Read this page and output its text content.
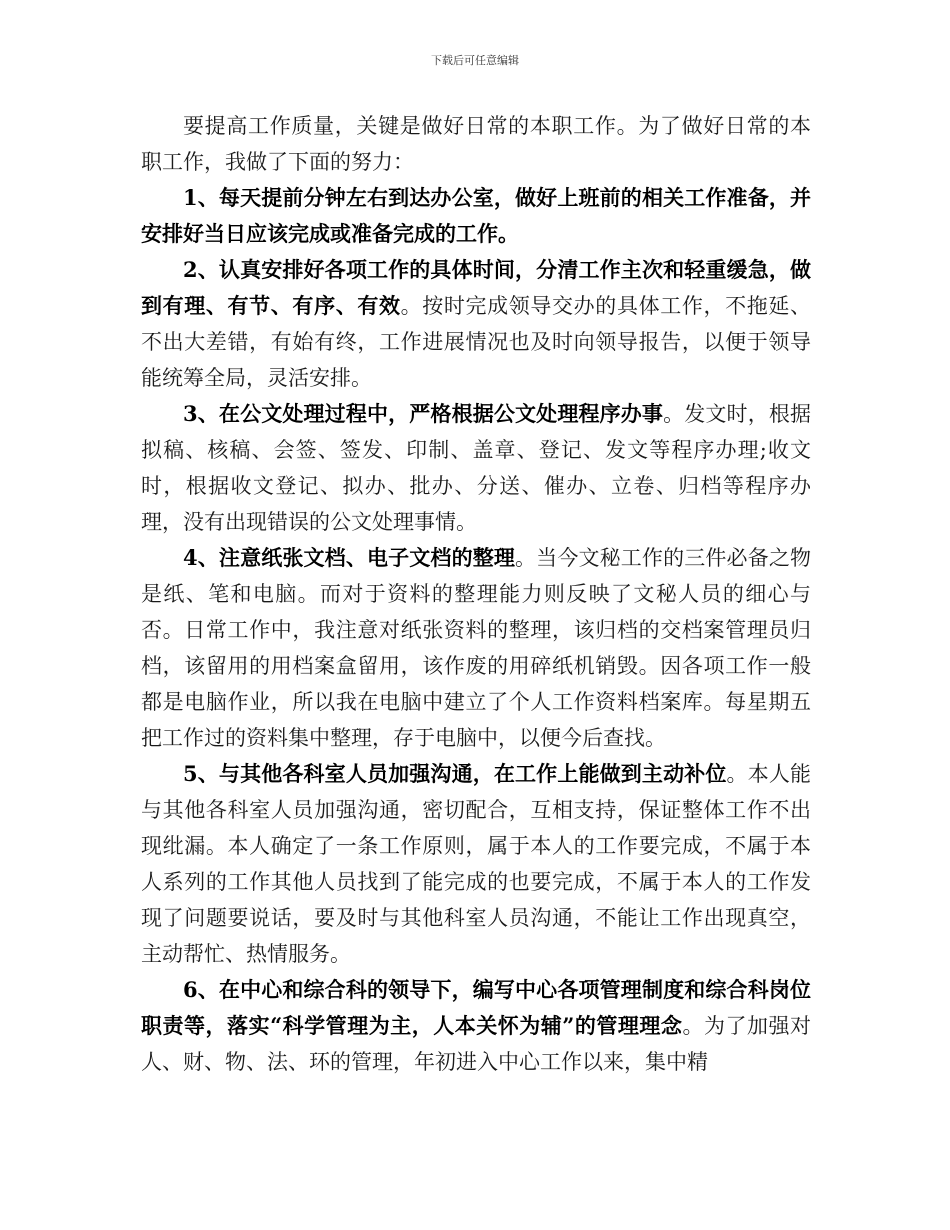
下载后可任意编辑

要提高工作质量，关键是做好日常的本职工作。为了做好日常的本职工作，我做了下面的努力：

1、每天提前分钟左右到达办公室，做好上班前的相关工作准备，并安排好当日应该完成或准备完成的工作。

2、认真安排好各项工作的具体时间，分清工作主次和轻重缓急，做到有理、有节、有序、有效。按时完成领导交办的具体工作，不拖延、不出大差错，有始有终，工作进展情况也及时向领导报告，以便于领导能统筹全局，灵活安排。

3、在公文处理过程中，严格根据公文处理程序办事。发文时，根据拟稿、核稿、会签、签发、印制、盖章、登记、发文等程序办理;收文时，根据收文登记、拟办、批办、分送、催办、立卷、归档等程序办理，没有出现错误的公文处理事情。

4、注意纸张文档、电子文档的整理。当今文秘工作的三件必备之物是纸、笔和电脑。而对于资料的整理能力则反映了文秘人员的细心与否。日常工作中，我注意对纸张资料的整理，该归档的交档案管理员归档，该留用的用档案盒留用，该作废的用碎纸机销毁。因各项工作一般都是电脑作业，所以我在电脑中建立了个人工作资料档案库。每星期五把工作过的资料集中整理，存于电脑中，以便今后查找。

5、与其他各科室人员加强沟通，在工作上能做到主动补位。本人能与其他各科室人员加强沟通，密切配合，互相支持，保证整体工作不出现纰漏。本人确定了一条工作原则，属于本人的工作要完成，不属于本人系列的工作其他人员找到了能完成的也要完成，不属于本人的工作发现了问题要说话，要及时与其他科室人员沟通，不能让工作出现真空，主动帮忙、热情服务。

6、在中心和综合科的领导下，编写中心各项管理制度和综合科岗位职责等，落实“科学管理为主，人本关怀为辅”的管理理念。为了加强对人、财、物、法、环的管理，年初进入中心工作以来，集中精
